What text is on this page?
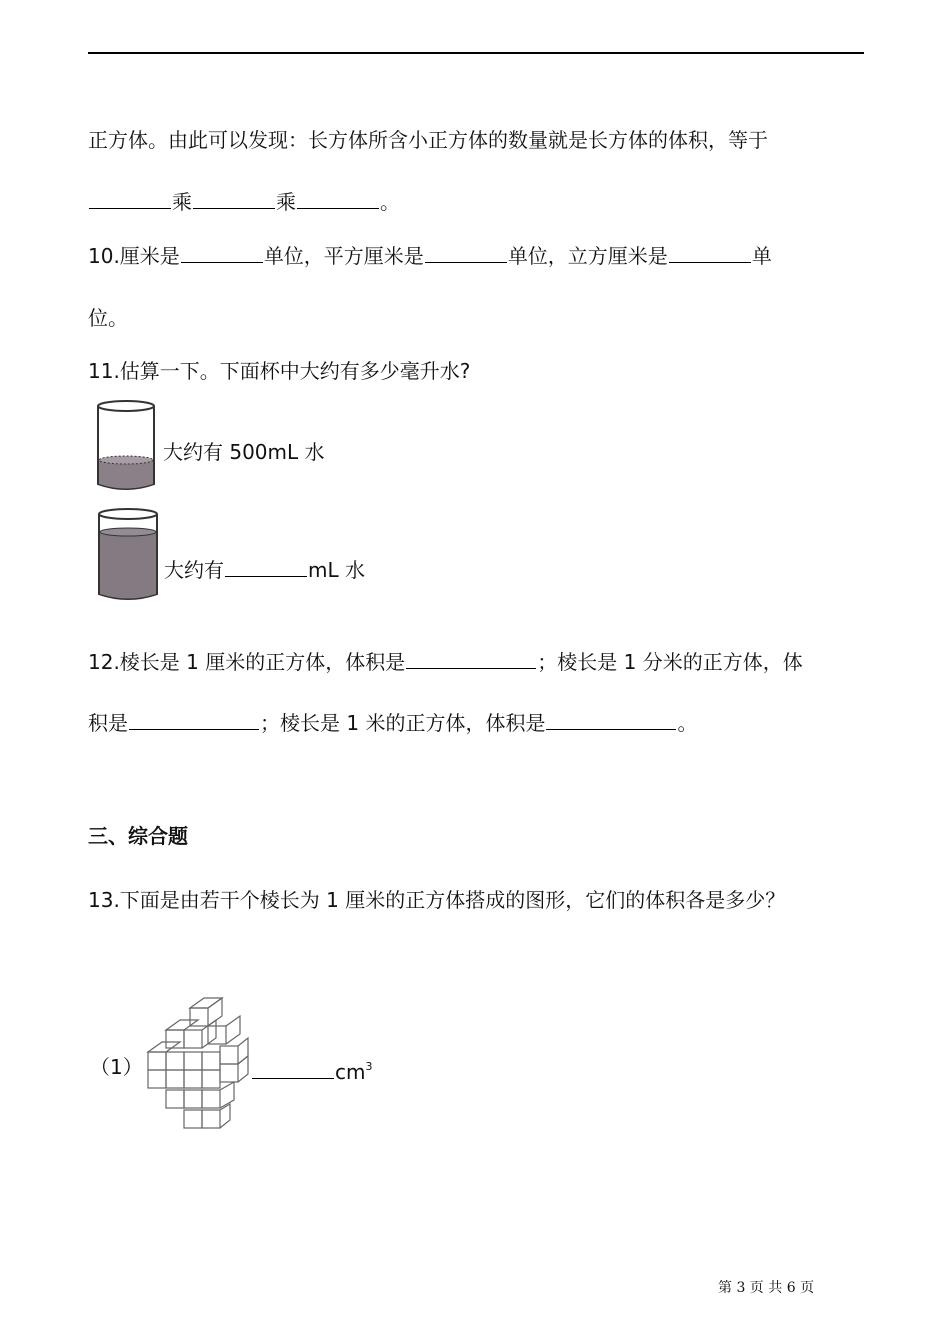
正方体。由此可以发现：长方体所含小正方体的数量就是长方体的体积，等于
乘	乘	。
10.厘米是	单位，平方厘米是	单位，立方厘米是	单
位。
11.估算一下。下面杯中大约有多少毫升水?
大约有 500mL 水
大约有	mL 水
12.棱长是 1 厘米的正方体，体积是	；棱长是 1 分米的正方体，体
积是	；棱长是 1 米的正方体，体积是	。
三、综合题
13.下面是由若干个棱长为 1 厘米的正方体搭成的图形，它们的体积各是多少？
（1）	$cm^3$
第 3 页 共 6 页
